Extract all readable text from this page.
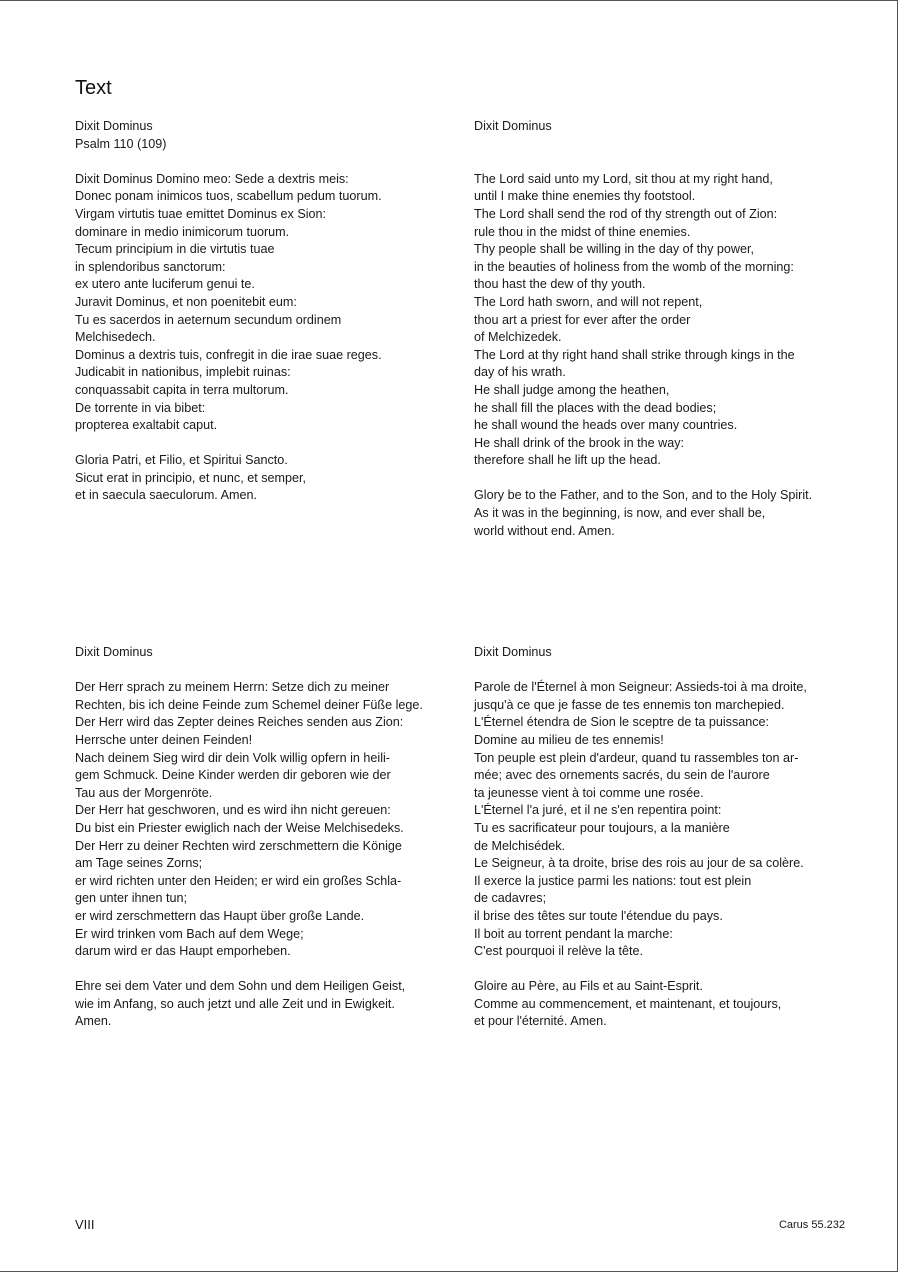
Text
Dixit Dominus
Psalm 110 (109)
Dixit Dominus Domino meo: Sede a dextris meis:
Donec ponam inimicos tuos, scabellum pedum tuorum.
Virgam virtutis tuae emittet Dominus ex Sion:
dominare in medio inimicorum tuorum.
Tecum principium in die virtutis tuae
in splendoribus sanctorum:
ex utero ante luciferum genui te.
Juravit Dominus, et non poenitebit eum:
Tu es sacerdos in aeternum secundum ordinem
Melchisedech.
Dominus a dextris tuis, confregit in die irae suae reges.
Judicabit in nationibus, implebit ruinas:
conquassabit capita in terra multorum.
De torrente in via bibet:
propterea exaltabit caput.
Gloria Patri, et Filio, et Spiritui Sancto.
Sicut erat in principio, et nunc, et semper,
et in saecula saeculorum. Amen.
Dixit Dominus
The Lord said unto my Lord, sit thou at my right hand,
until I make thine enemies thy footstool.
The Lord shall send the rod of thy strength out of Zion:
rule thou in the midst of thine enemies.
Thy people shall be willing in the day of thy power,
in the beauties of holiness from the womb of the morning:
thou hast the dew of thy youth.
The Lord hath sworn, and will not repent,
thou art a priest for ever after the order
of Melchizedek.
The Lord at thy right hand shall strike through kings in the
day of his wrath.
He shall judge among the heathen,
he shall fill the places with the dead bodies;
he shall wound the heads over many countries.
He shall drink of the brook in the way:
therefore shall he lift up the head.
Glory be to the Father, and to the Son, and to the Holy Spirit.
As it was in the beginning, is now, and ever shall be,
world without end. Amen.
Dixit Dominus
Der Herr sprach zu meinem Herrn: Setze dich zu meiner
Rechten, bis ich deine Feinde zum Schemel deiner Füße lege.
Der Herr wird das Zepter deines Reiches senden aus Zion:
Herrsche unter deinen Feinden!
Nach deinem Sieg wird dir dein Volk willig opfern in heili-
gem Schmuck. Deine Kinder werden dir geboren wie der
Tau aus der Morgenröte.
Der Herr hat geschworen, und es wird ihn nicht gereuen:
Du bist ein Priester ewiglich nach der Weise Melchisedeks.
Der Herr zu deiner Rechten wird zerschmettern die Könige
am Tage seines Zorns;
er wird richten unter den Heiden; er wird ein großes Schla-
gen unter ihnen tun;
er wird zerschmettern das Haupt über große Lande.
Er wird trinken vom Bach auf dem Wege;
darum wird er das Haupt emporheben.
Ehre sei dem Vater und dem Sohn und dem Heiligen Geist,
wie im Anfang, so auch jetzt und alle Zeit und in Ewigkeit.
Amen.
Dixit Dominus
Parole de l'Éternel à mon Seigneur: Assieds-toi à ma droite,
jusqu'à ce que je fasse de tes ennemis ton marchepied.
L'Éternel étendra de Sion le sceptre de ta puissance:
Domine au milieu de tes ennemis!
Ton peuple est plein d'ardeur, quand tu rassembles ton ar-
mée; avec des ornements sacrés, du sein de l'aurore
ta jeunesse vient à toi comme une rosée.
L'Éternel l'a juré, et il ne s'en repentira point:
Tu es sacrificateur pour toujours, a la manière
de Melchisédek.
Le Seigneur, à ta droite, brise des rois au jour de sa colère.
Il exerce la justice parmi les nations: tout est plein
de cadavres;
il brise des têtes sur toute l'étendue du pays.
Il boit au torrent pendant la marche:
C'est pourquoi il relève la tête.
Gloire au Père, au Fils et au Saint-Esprit.
Comme au commencement, et maintenant, et toujours,
et pour l'éternité. Amen.
VIII	Carus 55.232
